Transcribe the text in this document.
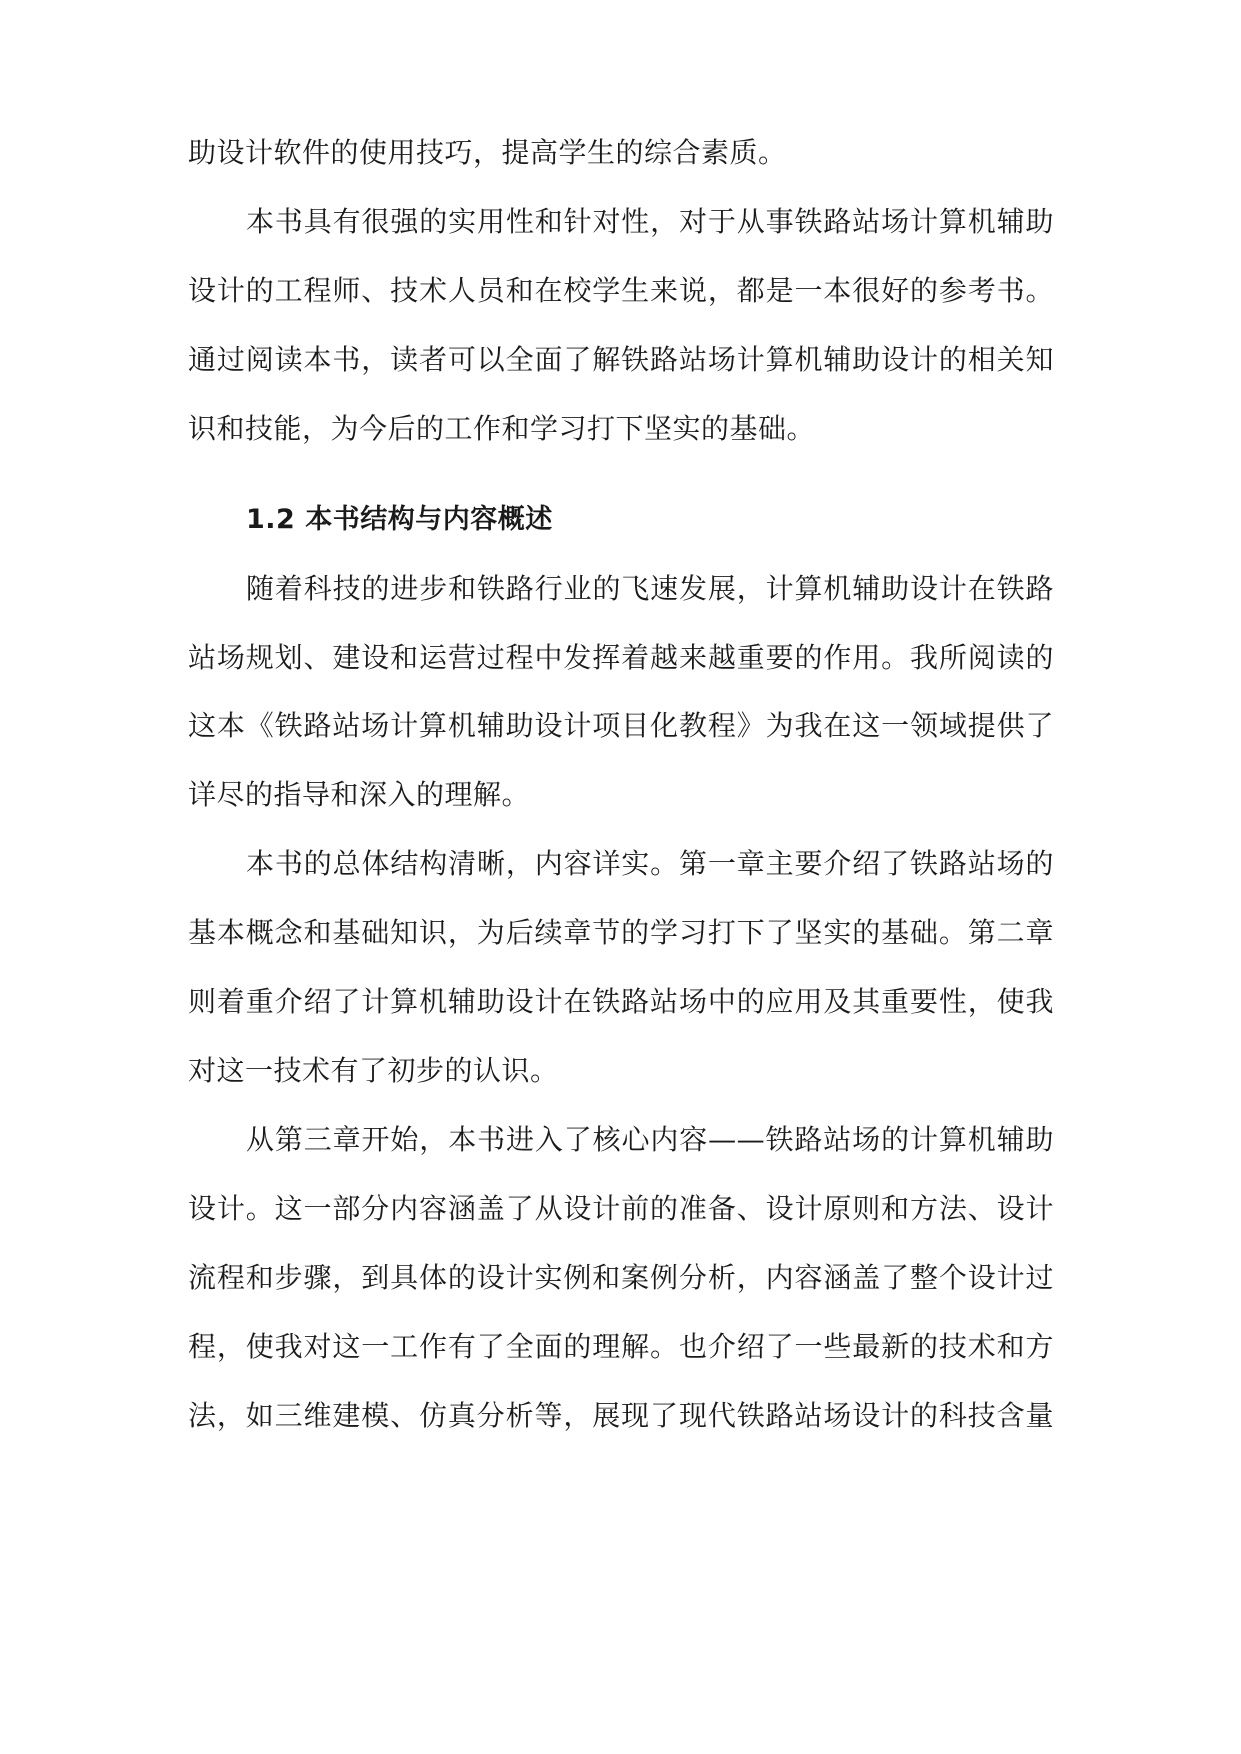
助设计软件的使用技巧，提高学生的综合素质。
本书具有很强的实用性和针对性，对于从事铁路站场计算机辅助
设计的工程师、技术人员和在校学生来说，都是一本很好的参考书。
通过阅读本书，读者可以全面了解铁路站场计算机辅助设计的相关知
识和技能，为今后的工作和学习打下坚实的基础。
1.2 本书结构与内容概述
随着科技的进步和铁路行业的飞速发展，计算机辅助设计在铁路
站场规划、建设和运营过程中发挥着越来越重要的作用。我所阅读的
这本《铁路站场计算机辅助设计项目化教程》为我在这一领域提供了
详尽的指导和深入的理解。
本书的总体结构清晰，内容详实。第一章主要介绍了铁路站场的
基本概念和基础知识，为后续章节的学习打下了坚实的基础。第二章
则着重介绍了计算机辅助设计在铁路站场中的应用及其重要性，使我
对这一技术有了初步的认识。
从第三章开始，本书进入了核心内容——铁路站场的计算机辅助
设计。这一部分内容涵盖了从设计前的准备、设计原则和方法、设计
流程和步骤，到具体的设计实例和案例分析，内容涵盖了整个设计过
程，使我对这一工作有了全面的理解。也介绍了一些最新的技术和方
法，如三维建模、仿真分析等，展现了现代铁路站场设计的科技含量
